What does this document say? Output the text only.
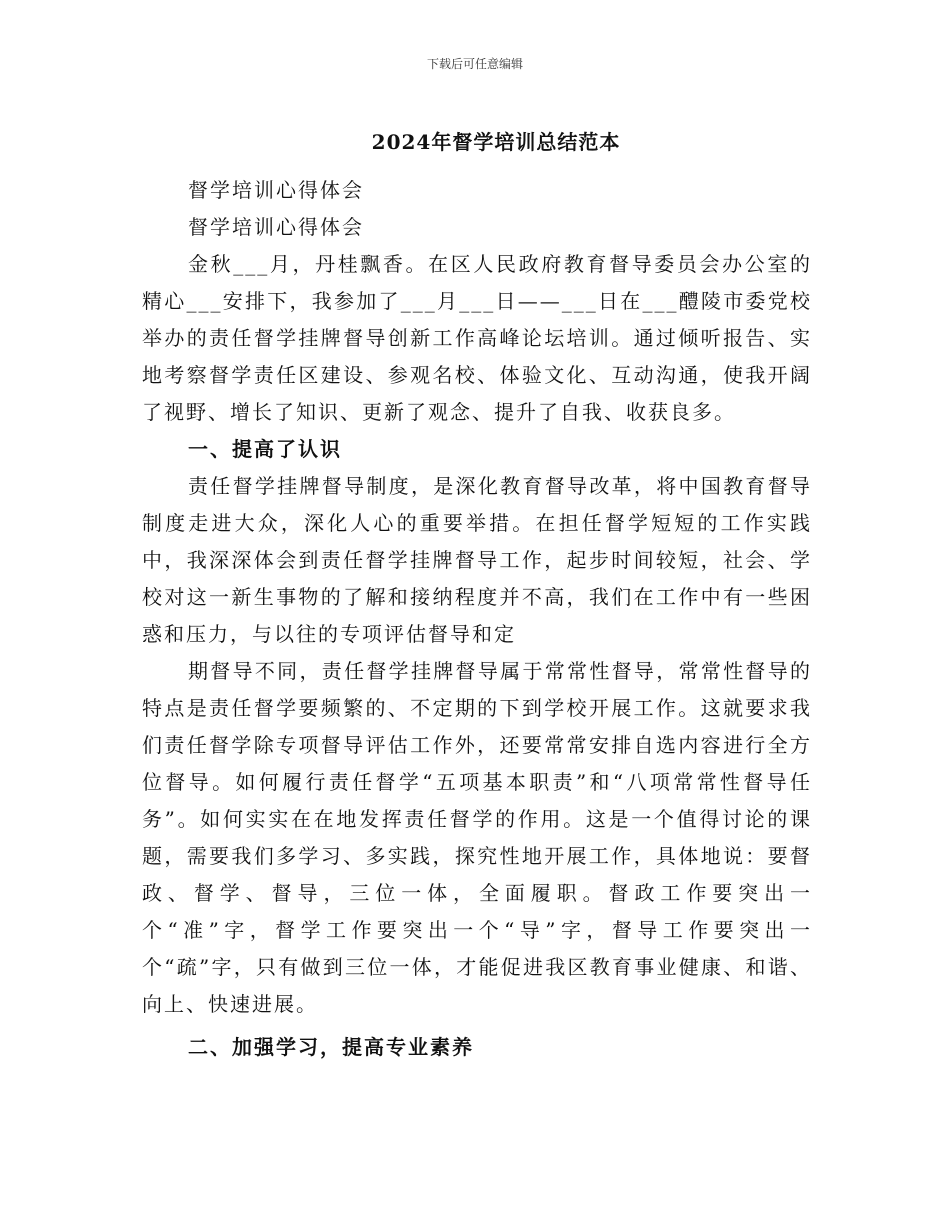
下载后可任意编辑
2024年督学培训总结范本

督学培训心得体会

督学培训心得体会

金秋___月，丹桂飘香。在区人民政府教育督导委员会办公室的精心___安排下，我参加了___月___日——___日在___醴陵市委党校举办的责任督学挂牌督导创新工作高峰论坛培训。通过倾听报告、实地考察督学责任区建设、参观名校、体验文化、互动沟通，使我开阔了视野、增长了知识、更新了观念、提升了自我、收获良多。

一、提高了认识

责任督学挂牌督导制度，是深化教育督导改革，将中国教育督导制度走进大众，深化人心的重要举措。在担任督学短短的工作实践中，我深深体会到责任督学挂牌督导工作，起步时间较短，社会、学校对这一新生事物的了解和接纳程度并不高，我们在工作中有一些困惑和压力，与以往的专项评估督导和定

期督导不同，责任督学挂牌督导属于常常性督导，常常性督导的特点是责任督学要频繁的、不定期的下到学校开展工作。这就要求我们责任督学除专项督导评估工作外，还要常常安排自选内容进行全方位督导。如何履行责任督学“五项基本职责”和“八项常常性督导任务”。如何实实在在地发挥责任督学的作用。这是一个值得讨论的课题，需要我们多学习、多实践，探究性地开展工作，具体地说：要督政、督学、督导，三位一体，全面履职。督政工作要突出一个“准”字，督学工作要突出一个“导”字，督导工作要突出一个“疏”字，只有做到三位一体，才能促进我区教育事业健康、和谐、向上、快速进展。

二、加强学习，提高专业素养
